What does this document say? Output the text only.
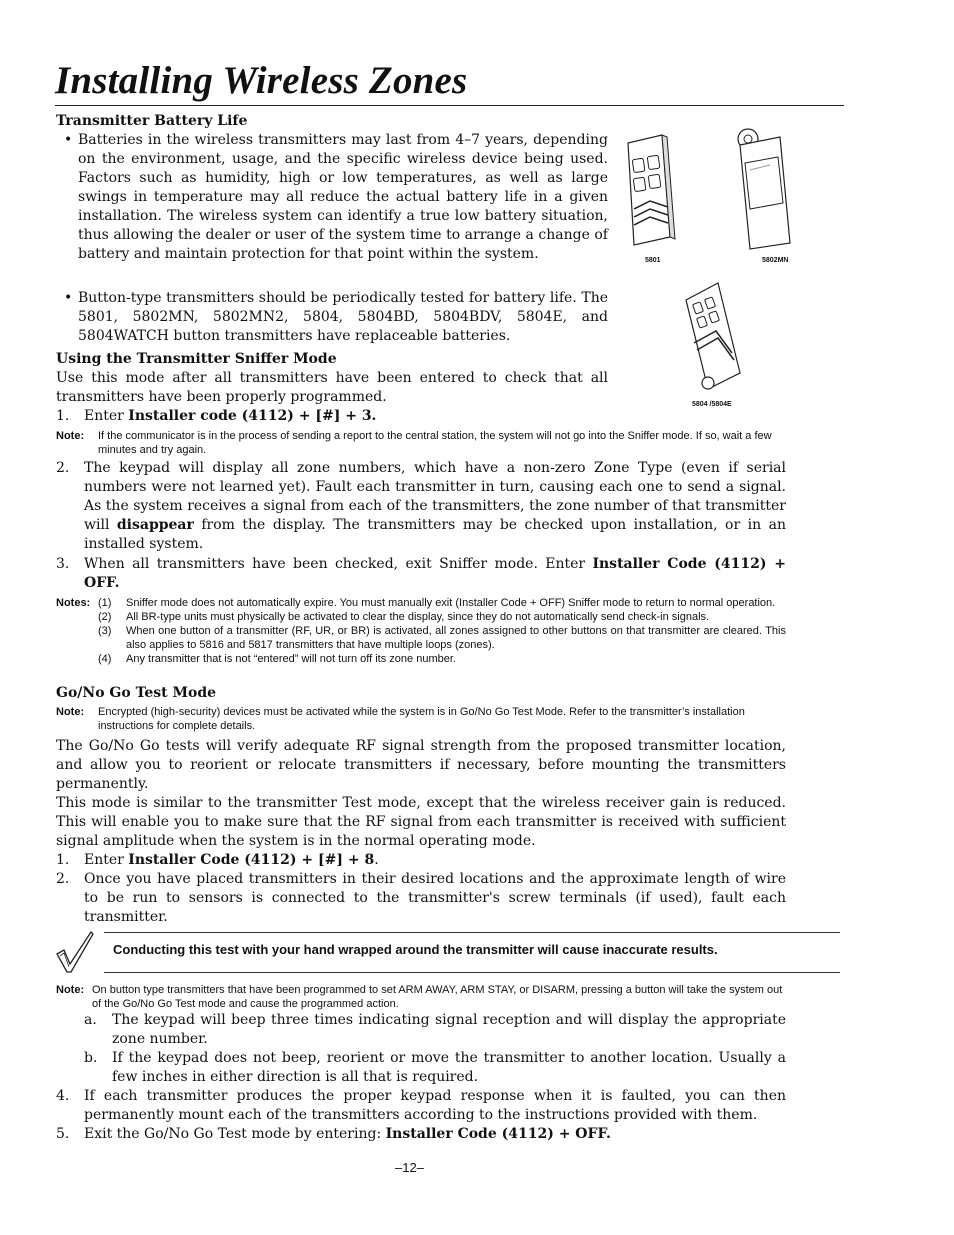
Installing Wireless Zones
Transmitter Battery Life
• Batteries in the wireless transmitters may last from 4–7 years, depending on the environment, usage, and the specific wireless device being used. Factors such as humidity, high or low temperatures, as well as large swings in temperature may all reduce the actual battery life in a given installation. The wireless system can identify a true low battery situation, thus allowing the dealer or user of the system time to arrange a change of battery and maintain protection for that point within the system.
• Button-type transmitters should be periodically tested for battery life. The 5801, 5802MN, 5802MN2, 5804, 5804BD, 5804BDV, 5804E, and 5804WATCH button transmitters have replaceable batteries.
5801	5802MN
5804 /5804E
Using the Transmitter Sniffer Mode
Use this mode after all transmitters have been entered to check that all transmitters have been properly programmed.
1. Enter Installer code (4112) + [#] + 3.
Note:	If the communicator is in the process of sending a report to the central station, the system will not go into the Sniffer mode. If so, wait a few minutes and try again.
2.	The keypad will display all zone numbers, which have a non-zero Zone Type (even if serial numbers were not learned yet). Fault each transmitter in turn, causing each one to send a signal. As the system receives a signal from each of the transmitters, the zone number of that transmitter will disappear from the display. The transmitters may be checked upon installation, or in an installed system.
3.	When all transmitters have been checked, exit Sniffer mode. Enter Installer Code (4112) + OFF.
Notes: (1)	Sniffer mode does not automatically expire. You must manually exit (Installer Code + OFF) Sniffer mode to return to normal operation.
(2)	All BR-type units must physically be activated to clear the display, since they do not automatically send check-in signals.
(3)	When one button of a transmitter (RF, UR, or BR) is activated, all zones assigned to other buttons on that transmitter are cleared. This also applies to 5816 and 5817 transmitters that have multiple loops (zones).
(4)	Any transmitter that is not “entered” will not turn off its zone number.
Go/No Go Test Mode
Note:	Encrypted (high-security) devices must be activated while the system is in Go/No Go Test Mode. Refer to the transmitter’s installation instructions for complete details.
The Go/No Go tests will verify adequate RF signal strength from the proposed transmitter location, and allow you to reorient or relocate transmitters if necessary, before mounting the transmitters permanently.
This mode is similar to the transmitter Test mode, except that the wireless receiver gain is reduced. This will enable you to make sure that the RF signal from each transmitter is received with sufficient signal amplitude when the system is in the normal operating mode.
1. Enter Installer Code (4112) + [#] + 8.
2.	Once you have placed transmitters in their desired locations and the approximate length of wire to be run to sensors is connected to the transmitter's screw terminals (if used), fault each transmitter.
Conducting this test with your hand wrapped around the transmitter will cause inaccurate results.
Note: On button type transmitters that have been programmed to set ARM AWAY, ARM STAY, or DISARM, pressing a button will take the system out of the Go/No Go Test mode and cause the programmed action.
a.	The keypad will beep three times indicating signal reception and will display the appropriate zone number.
b.	If the keypad does not beep, reorient or move the transmitter to another location. Usually a few inches in either direction is all that is required.
4.	If each transmitter produces the proper keypad response when it is faulted, you can then permanently mount each of the transmitters according to the instructions provided with them.
5. Exit the Go/No Go Test mode by entering: Installer Code (4112) + OFF.
–12–
